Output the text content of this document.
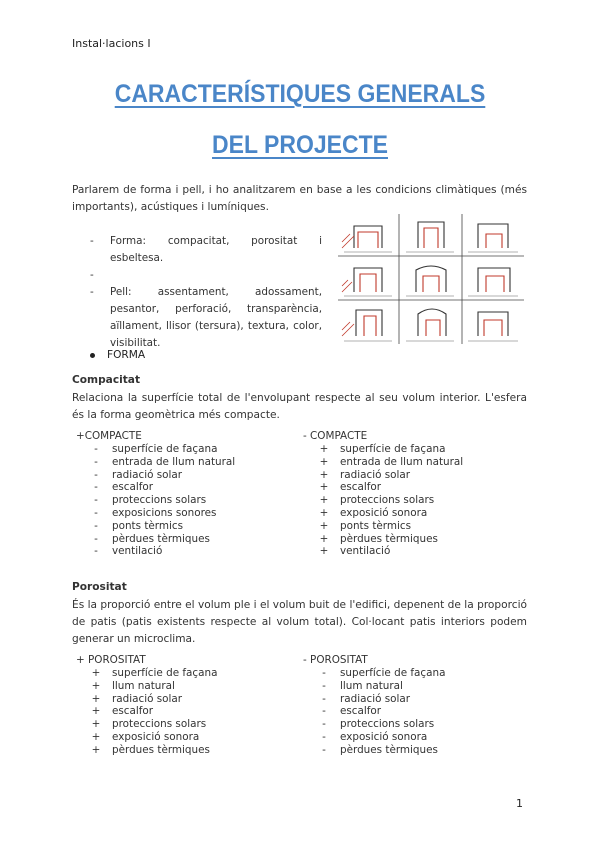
Instal·lacions I
CARACTERÍSTIQUES GENERALS
DEL PROJECTE

Parlarem de forma i pell, i ho analitzarem en base a les condicions climàtiques (més importants), acústiques i lumíniques.

- Forma: compacitat, porositat i esbeltesa.
-

- Pell: assentament, adossament, pesantor, perforació, transparència, aïllament, llisor (tersura), textura, color, visibilitat.
FORMA
Compacitat

Relaciona la superfície total de l'envolupant respecte al seu volum interior. L'esfera és la forma geomètrica més compacte.

+COMPACTE
-	superfície de façana
-	entrada de llum natural
-	radiació solar
-	escalfor
-	proteccions solars
-	exposicions sonores
-	ponts tèrmics
-	pèrdues tèrmiques
-	ventilació
- COMPACTE
+ superfície de façana
+ entrada de llum natural
+ radiació solar
+ escalfor
+ proteccions solars
+ exposició sonora
+ ponts tèrmics
+ pèrdues tèrmiques
+ ventilació
Porositat

És la proporció entre el volum ple i el volum buit de l'edifici, depenent de la proporció de patis (patis existents respecte al volum total). Col·locant patis interiors podem generar un microclima.

+ POROSITAT
+ superfície de façana
+ llum natural
+ radiació solar
+ escalfor
+ proteccions solars
+ exposició sonora
+ pèrdues tèrmiques
- POROSITAT
-	superfície de façana
-	llum natural
-	radiació solar
-	escalfor
-	proteccions solars
-	exposició sonora
-	pèrdues tèrmiques
1
